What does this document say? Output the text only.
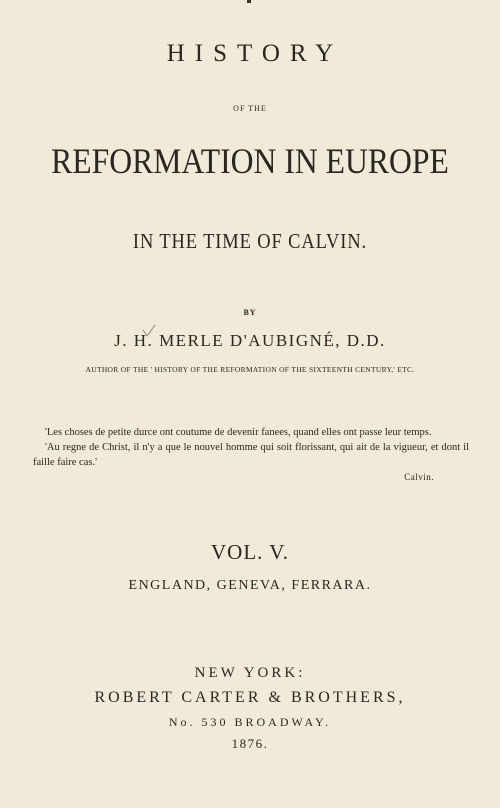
HISTORY
OF THE
REFORMATION IN EUROPE
IN THE TIME OF CALVIN.
BY
J. H. MERLE D'AUBIGNÉ, D.D.
AUTHOR OF THE ' HISTORY OF THE REFORMATION OF THE SIXTEENTH CENTURY,' ETC.

'Les choses de petite durce ont coutume de devenir fanees, quand elles ont passe leur temps.

'Au regne de Christ, il n'y a que le nouvel homme qui soit florissant, qui ait de la vigueur, et dont il faille faire cas.'

Calvin.
VOL. V.
ENGLAND, GENEVA, FERRARA.
NEW YORK:
ROBERT CARTER & BROTHERS,
No. 530 BROADWAY.
1876.
